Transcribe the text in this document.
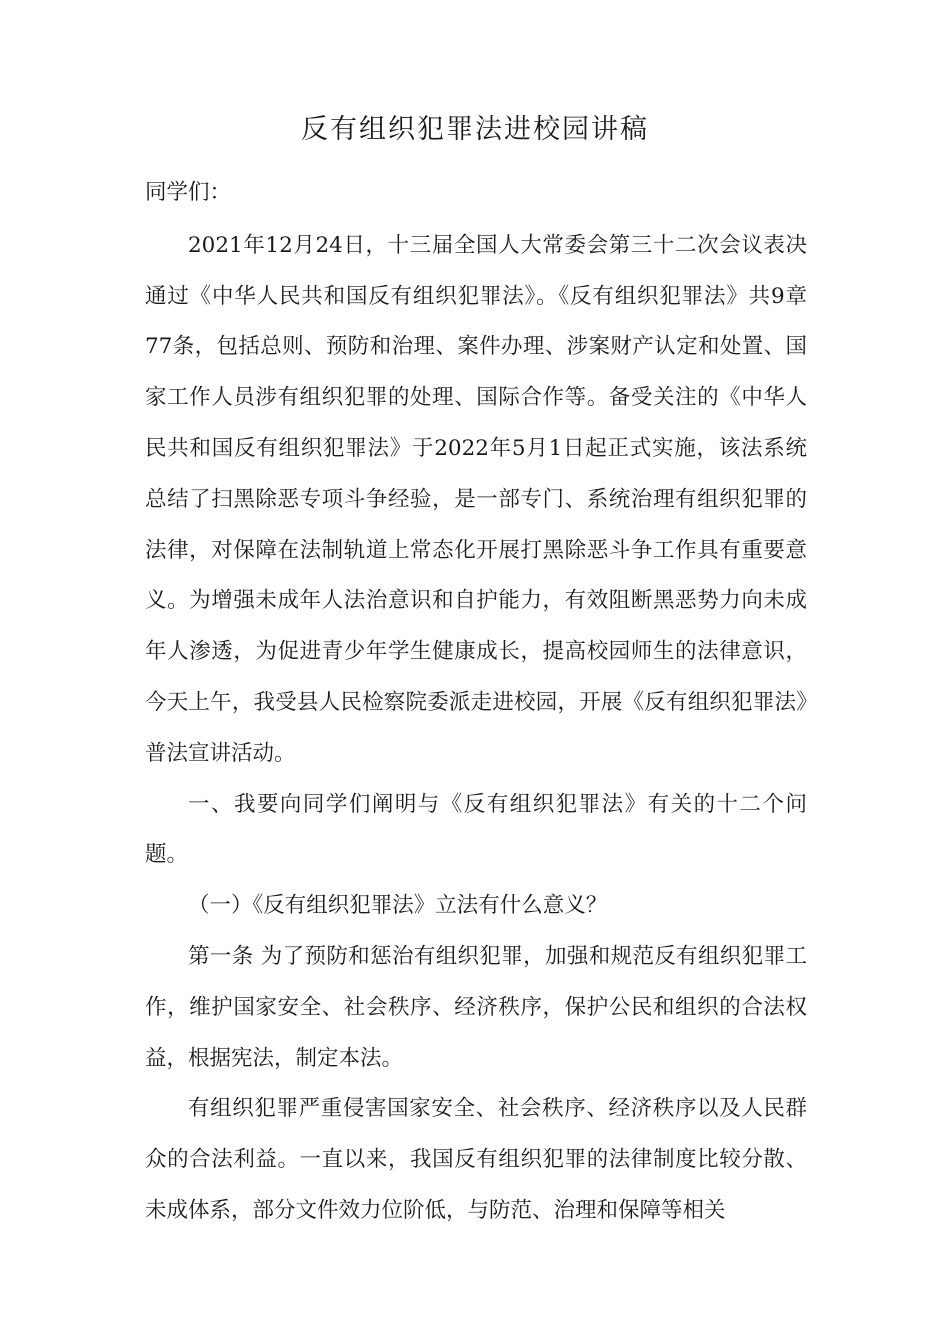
反有组织犯罪法进校园讲稿

同学们：

2021年12月24日，十三届全国人大常委会第三十二次会议表决通过《中华人民共和国反有组织犯罪法》。《反有组织犯罪法》共9章77条，包括总则、预防和治理、案件办理、涉案财产认定和处置、国家工作人员涉有组织犯罪的处理、国际合作等。备受关注的《中华人民共和国反有组织犯罪法》于2022年5月1日起正式实施，该法系统总结了扫黑除恶专项斗争经验，是一部专门、系统治理有组织犯罪的法律，对保障在法制轨道上常态化开展打黑除恶斗争工作具有重要意义。为增强未成年人法治意识和自护能力，有效阻断黑恶势力向未成年人渗透，为促进青少年学生健康成长，提高校园师生的法律意识，今天上午，我受县人民检察院委派走进校园，开展《反有组织犯罪法》普法宣讲活动。

一、我要向同学们阐明与《反有组织犯罪法》有关的十二个问题。

（一）《反有组织犯罪法》立法有什么意义？

第一条 为了预防和惩治有组织犯罪，加强和规范反有组织犯罪工作，维护国家安全、社会秩序、经济秩序，保护公民和组织的合法权益，根据宪法，制定本法。

有组织犯罪严重侵害国家安全、社会秩序、经济秩序以及人民群众的合法利益。一直以来，我国反有组织犯罪的法律制度比较分散、未成体系，部分文件效力位阶低，与防范、治理和保障等相关
